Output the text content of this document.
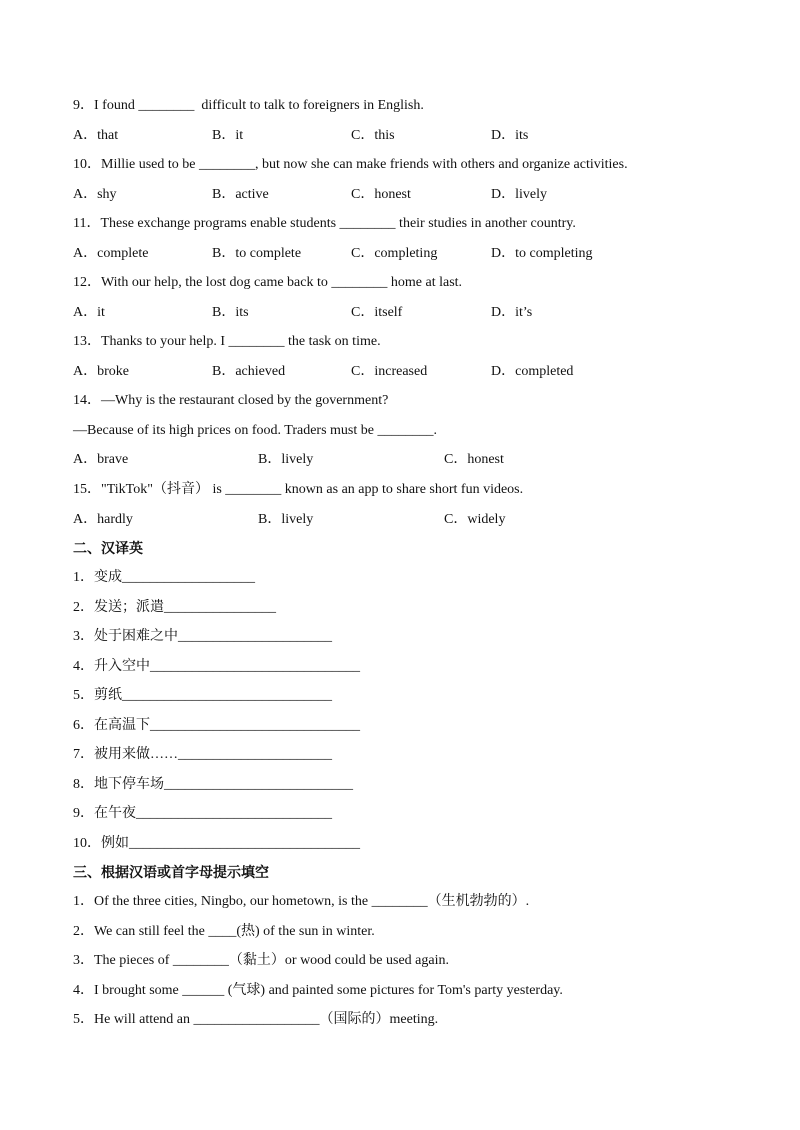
9．I found ________  difficult to talk to foreigners in English.
A．that	B．it	C．this	D．its
10．Millie used to be ________, but now she can make friends with others and organize activities.
A．shy	B．active	C．honest	D．lively
11．These exchange programs enable students ________ their studies in another country.
A．complete	B．to complete	C．completing	D．to completing
12．With our help, the lost dog came back to ________ home at last.
A．it	B．its	C．itself	D．it’s
13．Thanks to your help. I ________ the task on time.
A．broke	B．achieved	C．increased	D．completed
14．—Why is the restaurant closed by the government?
—Because of its high prices on food. Traders must be ________.
A．brave	B．lively	C．honest
15．"TikTok"（抖音） is ________ known as an app to share short fun videos.
A．hardly	B．lively	C．widely
二、汉译英
1．变成___________________
2．发送；派遣________________
3．处于困难之中______________________
4．升入空中______________________________
5．剪纸______________________________
6．在高温下______________________________
7．被用来做……______________________
8．地下停车场___________________________
9．在午夜____________________________
10．例如_________________________________
三、根据汉语或首字母提示填空
1．Of the three cities, Ningbo, our hometown, is the ________（生机勃勃的）.
2．We can still feel the ____(热) of the sun in winter.
3．The pieces of ________（黏土）or wood could be used again.
4．I brought some ______ (气球) and painted some pictures for Tom's party yesterday.
5．He will attend an __________________（国际的）meeting.
